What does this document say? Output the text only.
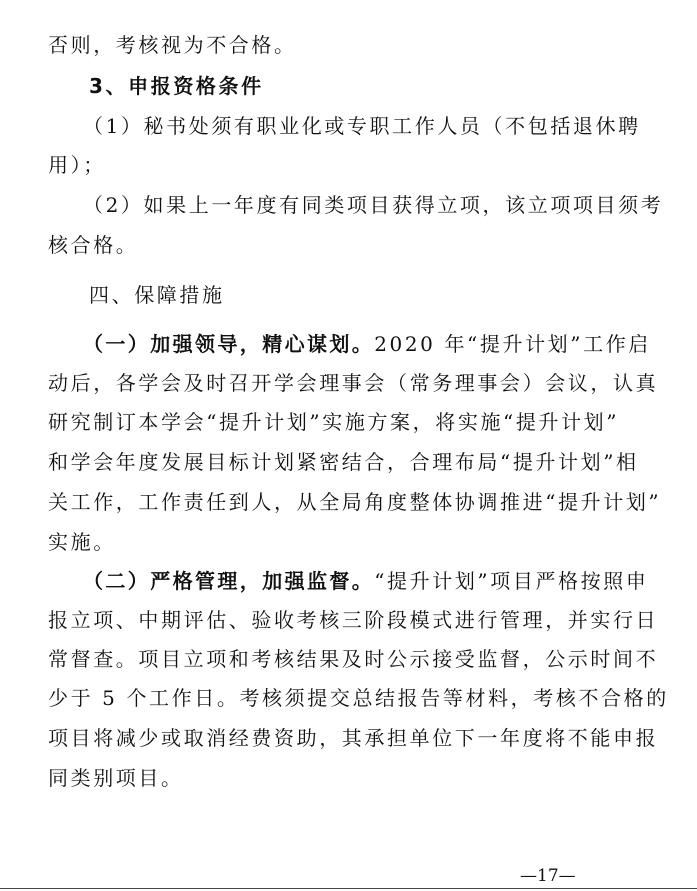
否则，考核视为不合格。
3、申报资格条件
（1）秘书处须有职业化或专职工作人员（不包括退休聘
用）；
（2）如果上一年度有同类项目获得立项，该立项项目须考
核合格。
四、保障措施
（一）加强领导，精心谋划。2020 年“提升计划”工作启
动后，各学会及时召开学会理事会（常务理事会）会议，认真
研究制订本学会“提升计划”实施方案，将实施“提升计划”
和学会年度发展目标计划紧密结合，合理布局“提升计划”相
关工作，工作责任到人，从全局角度整体协调推进“提升计划”
实施。
（二）严格管理，加强监督。“提升计划”项目严格按照申
报立项、中期评估、验收考核三阶段模式进行管理，并实行日
常督查。项目立项和考核结果及时公示接受监督，公示时间不
少于 5 个工作日。考核须提交总结报告等材料，考核不合格的
项目将减少或取消经费资助，其承担单位下一年度将不能申报
同类别项目。
—17—
